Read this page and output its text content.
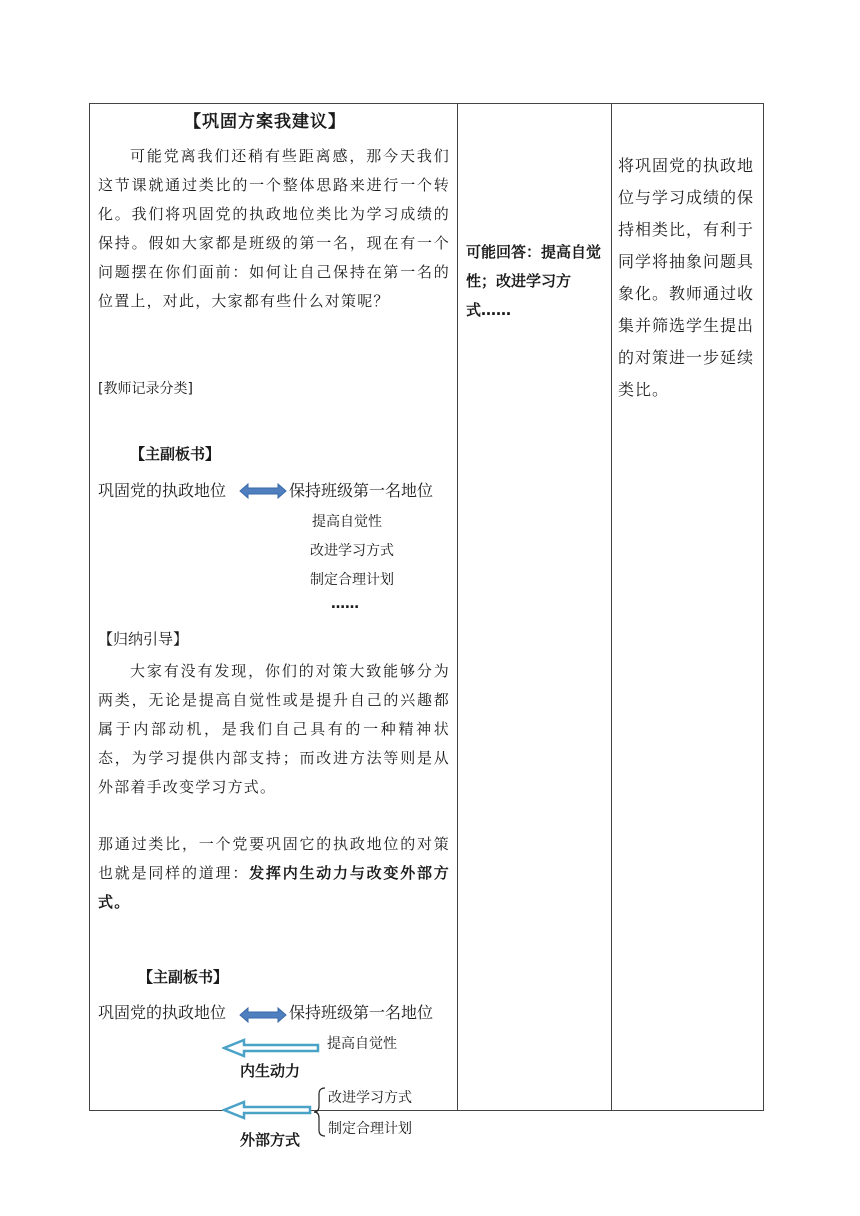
【巩固方案我建议】
可能党离我们还稍有些距离感，那今天我们这节课就通过类比的一个整体思路来进行一个转化。我们将巩固党的执政地位类比为学习成绩的保持。假如大家都是班级的第一名，现在有一个问题摆在你们面前：如何让自己保持在第一名的位置上，对此，大家都有些什么对策呢？
[教师记录分类]
【主副板书】
巩固党的执政地位	保持班级第一名地位
提高自觉性
改进学习方式
制定合理计划
……
【归纳引导】
大家有没有发现，你们的对策大致能够分为两类，无论是提高自觉性或是提升自己的兴趣都属于内部动机，是我们自己具有的一种精神状态，为学习提供内部支持；而改进方法等则是从外部着手改变学习方式。
那通过类比，一个党要巩固它的执政地位的对策也就是同样的道理：发挥内生动力与改变外部方式。
【主副板书】
巩固党的执政地位	保持班级第一名地位
提高自觉性
内生动力
改进学习方式
制定合理计划
外部方式
可能回答：提高自觉性；改进学习方式……
将巩固党的执政地位与学习成绩的保持相类比，有利于同学将抽象问题具象化。教师通过收集并筛选学生提出的对策进一步延续类比。
